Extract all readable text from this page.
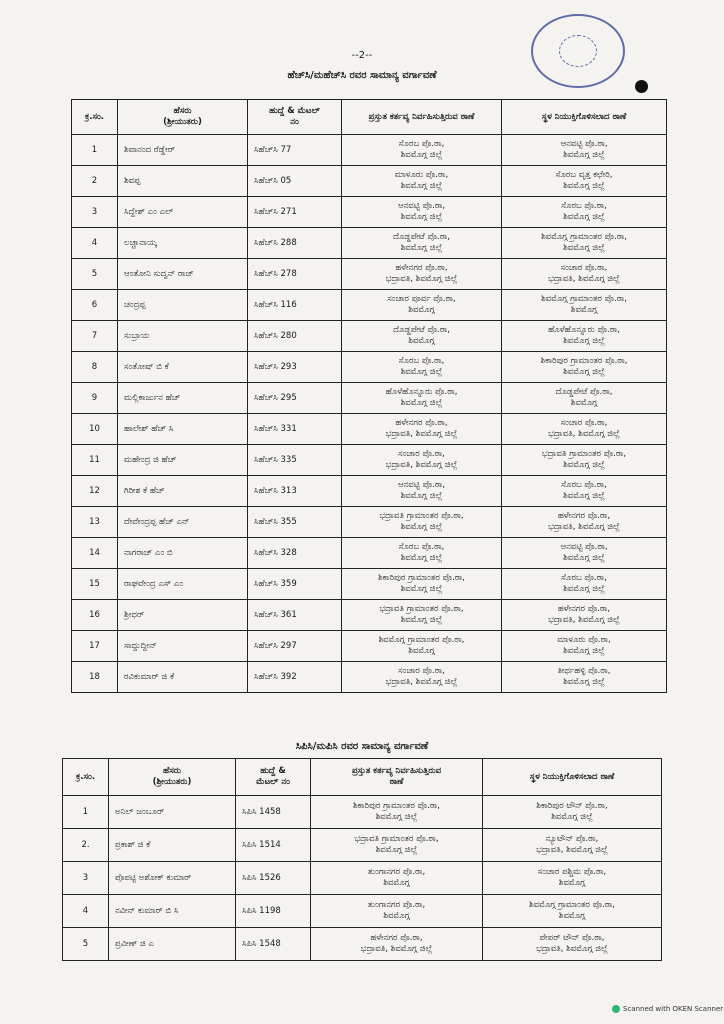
--2--
ಹೆಚ್‌ಸಿ/ಮಹೆಚ್‌ಸಿ ರವರ ಸಾಮಾನ್ಯ ವರ್ಗಾವಣೆ
ಕ್ರ.ಸಂ.	ಹೆಸರು
(ಶ್ರೀಯುತರು)	ಹುದ್ದೆ & ಮೆಟಲ್
ನಂ	ಪ್ರಸ್ತುತ ಕರ್ತವ್ಯ ನಿರ್ವಹಿಸುತ್ತಿರುವ ಠಾಣೆ	ಸ್ಥಳ ನಿಯುಕ್ತಿಗೊಳಿಸಲಾದ ಠಾಣೆ
1	ಶಿವಾನಂದ ರೆಡ್ಡೇರ್	ಸಿಹೆಚ್‌ಸಿ 77	ಸೊರಬ ಪೊ.ಠಾ,
ಶಿವಮೊಗ್ಗ ಜಿಲ್ಲೆ	ಆನವಟ್ಟಿ ಪೊ.ಠಾ,
ಶಿವಮೊಗ್ಗ ಜಿಲ್ಲೆ
2	ಶಿವಪ್ಪ	ಸಿಹೆಚ್‌ಸಿ 05	ಮಾಳೂರು ಪೊ.ಠಾ,
ಶಿವಮೊಗ್ಗ ಜಿಲ್ಲೆ	ಸೊರಬ ವೃತ್ತ ಕಛೇರಿ,
ಶಿವಮೊಗ್ಗ ಜಿಲ್ಲೆ
3	ಸಿದ್ದೇಶ್ ಎಂ ಎಲ್	ಸಿಹೆಚ್‌ಸಿ 271	ಆನವಟ್ಟಿ ಪೊ.ಠಾ,
ಶಿವಮೊಗ್ಗ ಜಿಲ್ಲೆ	ಸೊರಬ ಪೊ.ಠಾ,
ಶಿವಮೊಗ್ಗ ಜಿಲ್ಲೆ
4	ಲಚ್ಚಾನಾಯ್ಕ	ಸಿಹೆಚ್‌ಸಿ 288	ದೊಡ್ಡಪೇಟೆ ಪೊ.ಠಾ,
ಶಿವಮೊಗ್ಗ ಜಿಲ್ಲೆ	ಶಿವಮೊಗ್ಗ ಗ್ರಾಮಾಂತರ ಪೊ.ಠಾ,
ಶಿವಮೊಗ್ಗ ಜಿಲ್ಲೆ
5	ಆಂತೋನಿ ಸುದ್ವನ್ ರಾಜ್	ಸಿಹೆಚ್‌ಸಿ 278	ಹಳೇನಗರ ಪೊ.ಠಾ,
ಭದ್ರಾವತಿ, ಶಿವಮೊಗ್ಗ ಜಿಲ್ಲೆ	ಸಂಚಾರ ಪೊ.ಠಾ,
ಭದ್ರಾವತಿ, ಶಿವಮೊಗ್ಗ ಜಿಲ್ಲೆ
6	ಚಂದ್ರಪ್ಪ	ಸಿಹೆಚ್‌ಸಿ 116	ಸಂಚಾರ ಪೂರ್ವ ಪೊ.ಠಾ,
ಶಿವಮೊಗ್ಗ	ಶಿವಮೊಗ್ಗ ಗ್ರಾಮಾಂತರ ಪೊ.ಠಾ,
ಶಿವಮೊಗ್ಗ
7	ಸುಬ್ರಾಯ	ಸಿಹೆಚ್‌ಸಿ 280	ದೊಡ್ಡಪೇಟೆ ಪೊ.ಠಾ,
ಶಿವಮೊಗ್ಗ	ಹೊಳೆಹೊನ್ನೂರು ಪೊ.ಠಾ,
ಶಿವಮೊಗ್ಗ ಜಿಲ್ಲೆ
8	ಸಂತೋಷ್ ಬಿ ಕೆ	ಸಿಹೆಚ್‌ಸಿ 293	ಸೊರಬ ಪೊ.ಠಾ,
ಶಿವಮೊಗ್ಗ ಜಿಲ್ಲೆ	ಶಿಕಾರಿಪುರ ಗ್ರಾಮಾಂತರ ಪೊ.ಠಾ,
ಶಿವಮೊಗ್ಗ ಜಿಲ್ಲೆ
9	ಮಲ್ಲಿಕಾರ್ಜುನ ಹೆಚ್	ಸಿಹೆಚ್‌ಸಿ 295	ಹೊಳೆಹೊನ್ನೂರು ಪೊ.ಠಾ,
ಶಿವಮೊಗ್ಗ ಜಿಲ್ಲೆ	ದೊಡ್ಡಪೇಟೆ ಪೊ.ಠಾ,
ಶಿವಮೊಗ್ಗ
10	ಹಾಲೇಶ್ ಹೆಚ್ ಸಿ	ಸಿಹೆಚ್‌ಸಿ 331	ಹಳೇನಗರ ಪೊ.ಠಾ,
ಭದ್ರಾವತಿ, ಶಿವಮೊಗ್ಗ ಜಿಲ್ಲೆ	ಸಂಚಾರ ಪೊ.ಠಾ,
ಭದ್ರಾವತಿ, ಶಿವಮೊಗ್ಗ ಜಿಲ್ಲೆ
11	ಮಹೇಂದ್ರ ಜಿ ಹೆಚ್	ಸಿಹೆಚ್‌ಸಿ 335	ಸಂಚಾರ ಪೊ.ಠಾ,
ಭದ್ರಾವತಿ, ಶಿವಮೊಗ್ಗ ಜಿಲ್ಲೆ	ಭದ್ರಾವತಿ ಗ್ರಾಮಾಂತರ ಪೊ.ಠಾ,
ಶಿವಮೊಗ್ಗ ಜಿಲ್ಲೆ
12	ಗಿರೀಶ ಕೆ ಹೆಚ್	ಸಿಹೆಚ್‌ಸಿ 313	ಆನವಟ್ಟಿ ಪೊ.ಠಾ,
ಶಿವಮೊಗ್ಗ ಜಿಲ್ಲೆ	ಸೊರಬ ಪೊ.ಠಾ,
ಶಿವಮೊಗ್ಗ ಜಿಲ್ಲೆ
13	ದೇವೇಂದ್ರಪ್ಪ ಹೆಚ್ ಎನ್	ಸಿಹೆಚ್‌ಸಿ 355	ಭದ್ರಾವತಿ ಗ್ರಾಮಾಂತರ ಪೊ.ಠಾ,
ಶಿವಮೊಗ್ಗ ಜಿಲ್ಲೆ	ಹಳೇನಗರ ಪೊ.ಠಾ,
ಭದ್ರಾವತಿ, ಶಿವಮೊಗ್ಗ ಜಿಲ್ಲೆ
14	ನಾಗರಾಜ್ ಎಂ ಬಿ	ಸಿಹೆಚ್‌ಸಿ 328	ಸೊರಬ ಪೊ.ಠಾ,
ಶಿವಮೊಗ್ಗ ಜಿಲ್ಲೆ	ಆನವಟ್ಟಿ ಪೊ.ಠಾ,
ಶಿವಮೊಗ್ಗ ಜಿಲ್ಲೆ
15	ರಾಘವೇಂದ್ರ ಎಸ್ ಎಂ	ಸಿಹೆಚ್‌ಸಿ 359	ಶಿಕಾರಿಪುರ ಗ್ರಾಮಾಂತರ ಪೊ.ಠಾ,
ಶಿವಮೊಗ್ಗ ಜಿಲ್ಲೆ	ಸೊರಬ ಪೊ.ಠಾ,
ಶಿವಮೊಗ್ಗ ಜಿಲ್ಲೆ
16	ಶ್ರೀಧರ್	ಸಿಹೆಚ್‌ಸಿ 361	ಭದ್ರಾವತಿ ಗ್ರಾಮಾಂತರ ಪೊ.ಠಾ,
ಶಿವಮೊಗ್ಗ ಜಿಲ್ಲೆ	ಹಳೇನಗರ ಪೊ.ಠಾ,
ಭದ್ರಾವತಿ, ಶಿವಮೊಗ್ಗ ಜಿಲ್ಲೆ
17	ಸಾದ್ದುದ್ದೀನ್	ಸಿಹೆಚ್‌ಸಿ 297	ಶಿವಮೊಗ್ಗ ಗ್ರಾಮಾಂತರ ಪೊ.ಠಾ,
ಶಿವಮೊಗ್ಗ	ಮಾಳೂರು ಪೊ.ಠಾ,
ಶಿವಮೊಗ್ಗ ಜಿಲ್ಲೆ
18	ರವಿಕುಮಾರ್ ಜಿ ಕೆ	ಸಿಹೆಚ್‌ಸಿ 392	ಸಂಚಾರ ಪೊ.ಠಾ,
ಭದ್ರಾವತಿ, ಶಿವಮೊಗ್ಗ ಜಿಲ್ಲೆ	ತೀರ್ಥಹಳ್ಳಿ ಪೊ.ಠಾ,
ಶಿವಮೊಗ್ಗ ಜಿಲ್ಲೆ
ಸಿಪಿಸಿ/ಮಪಿಸಿ ರವರ ಸಾಮಾನ್ಯ ವರ್ಗಾವಣೆ
ಕ್ರ.ಸಂ.	ಹೆಸರು
(ಶ್ರೀಯುತರು)	ಹುದ್ದೆ &
ಮೆಟಲ್ ನಂ	ಪ್ರಸ್ತುತ ಕರ್ತವ್ಯ ನಿರ್ವಹಿಸುತ್ತಿರುವ
ಠಾಣೆ	ಸ್ಥಳ ನಿಯುಕ್ತಿಗೊಳಿಸಲಾದ ಠಾಣೆ
1	ಅನಿಲ್ ಜಂಬೂರ್	ಸಿಪಿಸಿ 1458	ಶಿಕಾರಿಪುರ ಗ್ರಾಮಾಂತರ ಪೊ.ಠಾ,
ಶಿವಮೊಗ್ಗ ಜಿಲ್ಲೆ	ಶಿಕಾರಿಪುರ ಟೌನ್ ಪೊ.ಠಾ,
ಶಿವಮೊಗ್ಗ ಜಿಲ್ಲೆ
2.	ಪ್ರಕಾಶ್ ಜಿ ಕೆ	ಸಿಪಿಸಿ 1514	ಭದ್ರಾವತಿ ಗ್ರಾಮಾಂತರ ಪೊ.ಠಾ,
ಶಿವಮೊಗ್ಗ ಜಿಲ್ಲೆ	ನ್ಯೂಟೌನ್ ಪೊ.ಠಾ,
ಭದ್ರಾವತಿ, ಶಿವಮೊಗ್ಗ ಜಿಲ್ಲೆ
3	ಪೊಪಟ್ಟಿ ಅಶೋಕ್ ಕುಮಾರ್	ಸಿಪಿಸಿ 1526	ತುಂಗಾನಗರ ಪೊ.ಠಾ,
ಶಿವಮೊಗ್ಗ	ಸಂಚಾರ ಪಶ್ಚಿಮ ಪೊ.ಠಾ,
ಶಿವಮೊಗ್ಗ
4	ನವೀನ್ ಕುಮಾರ್ ಬಿ ಸಿ	ಸಿಪಿಸಿ 1198	ತುಂಗಾನಗರ ಪೊ.ಠಾ,
ಶಿವಮೊಗ್ಗ	ಶಿವಮೊಗ್ಗ ಗ್ರಾಮಾಂತರ ಪೊ.ಠಾ,
ಶಿವಮೊಗ್ಗ
5	ಪ್ರವೀಣ್ ಜಿ ಎ	ಸಿಪಿಸಿ 1548	ಹಳೇನಗರ ಪೊ.ಠಾ,
ಭದ್ರಾವತಿ, ಶಿವಮೊಗ್ಗ ಜಿಲ್ಲೆ	ಪೇಪರ್ ಟೌನ್ ಪೊ.ಠಾ,
ಭದ್ರಾವತಿ, ಶಿವಮೊಗ್ಗ ಜಿಲ್ಲೆ
Scanned with OKEN Scanner
